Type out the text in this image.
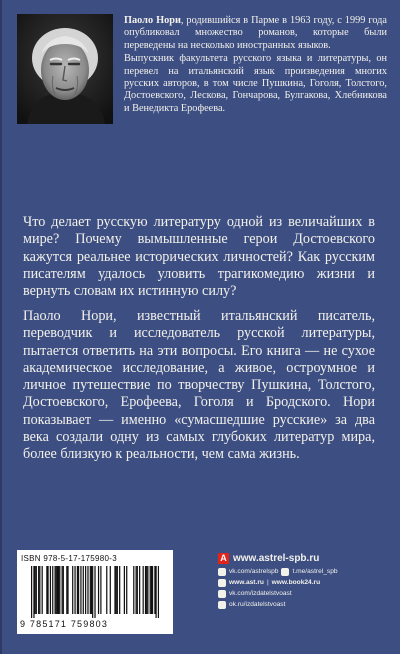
Паоло Нори, родившийся в Парме в 1963 году, с 1999 года опубликовал множество романов, которые были переведены на несколько иностранных языков.

Выпускник факультета русского языка и литературы, он перевел на итальянский язык произведения многих русских авторов, в том числе Пушкина, Гоголя, Толстого, Достоевского, Лескова, Гончарова, Булгакова, Хлебникова и Венедикта Ерофеева.

Что делает русскую литературу одной из величайших в мире? Почему вымышленные герои Достоевского кажутся реальнее исторических личностей? Как русским писателям удалось уловить трагикомедию жизни и вернуть словам их истинную силу?

Паоло Нори, известный итальянский писатель, переводчик и исследователь русской литературы, пытается ответить на эти вопросы. Его книга — не сухое академическое исследование, а живое, остроумное и личное путешествие по творчеству Пушкина, Толстого, Достоевского, Ерофеева, Гоголя и Бродского. Нори показывает — именно «сумасшедшие русские» за два века создали одну из самых глубоких литератур мира, более близкую к реальности, чем сама жизнь.

ISBN 978-5-17-175980-3
9 785171 759803
А www.astrel-spb.ru
vk.com/astrelspb t.me/astrel_spb
www.ast.ru | www.book24.ru
vk.com/izdatelstvoast
ok.ru/izdatelstvoast
